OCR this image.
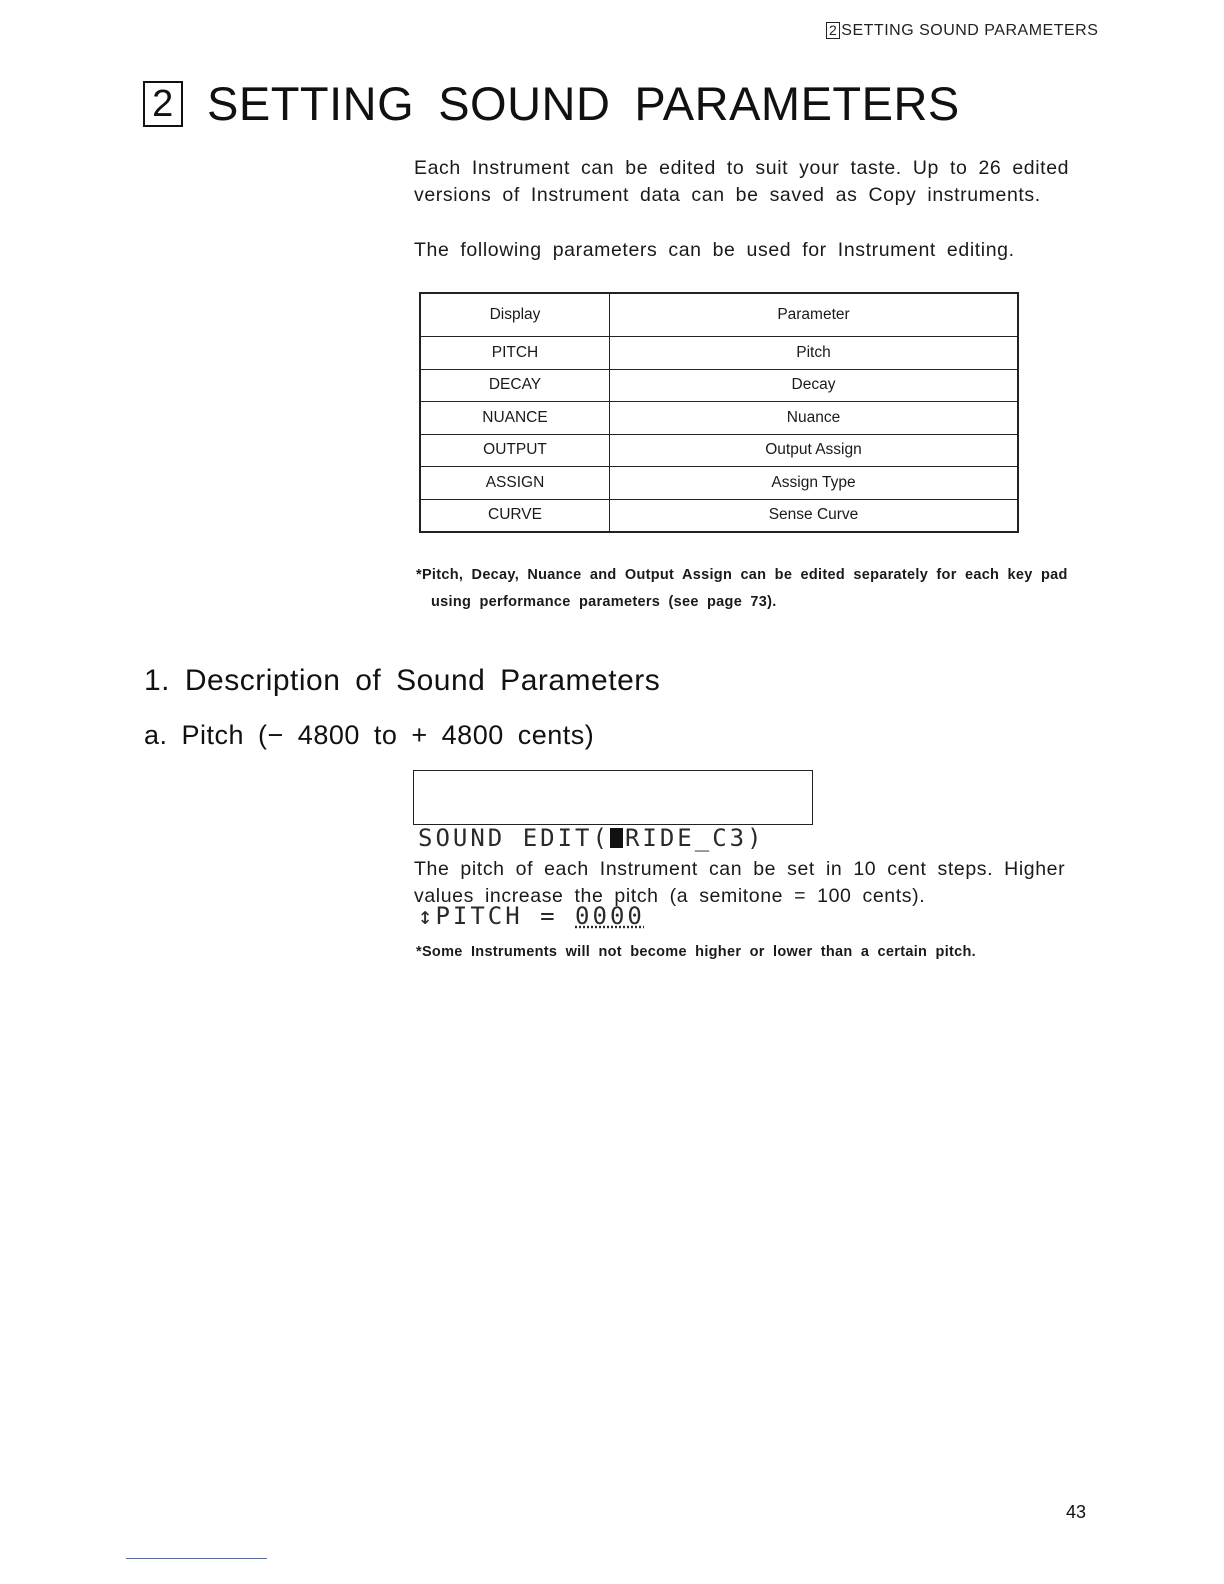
2 SETTING SOUND PARAMETERS
2 SETTING SOUND PARAMETERS

Each Instrument can be edited to suit your taste. Up to 26 edited

versions of Instrument data can be saved as Copy instruments.

The following parameters can be used for Instrument editing.

Display	Parameter
PITCH	Pitch
DECAY	Decay
NUANCE	Nuance
OUTPUT	Output Assign
ASSIGN	Assign Type
CURVE	Sense Curve

*Pitch, Decay, Nuance and Output Assign can be edited separately for each key pad

using performance parameters (see page 73).

1. Description of Sound Parameters
a. Pitch (− 4800 to + 4800 cents)

SOUND EDIT( RIDE_C3)

↕PITCH = 0000

The pitch of each Instrument can be set in 10 cent steps. Higher

values increase the pitch (a semitone = 100 cents).

*Some Instruments will not become higher or lower than a certain pitch.

43
